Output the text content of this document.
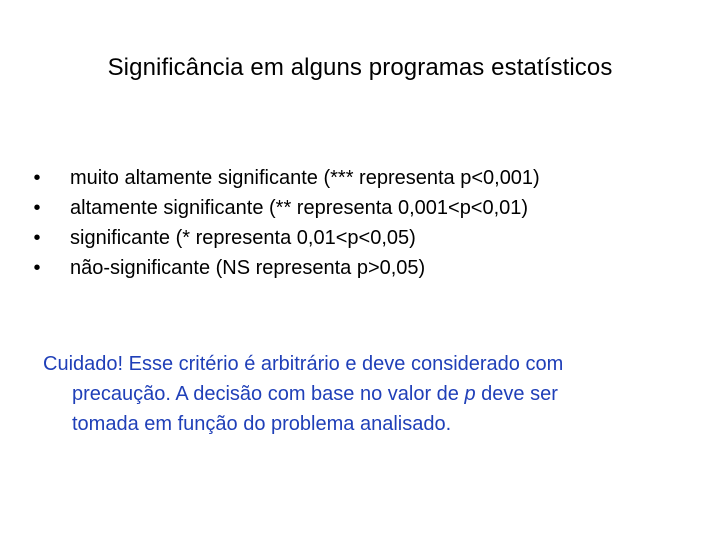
Significância em alguns programas estatísticos
• muito altamente significante (*** representa p<0,001)
• altamente significante (** representa 0,001<p<0,01)
• significante (* representa 0,01<p<0,05)
• não-significante (NS representa p>0,05)
Cuidado! Esse critério é arbitrário e deve considerado com
precaução. A decisão com base no valor de p deve ser
tomada em função do problema analisado.
